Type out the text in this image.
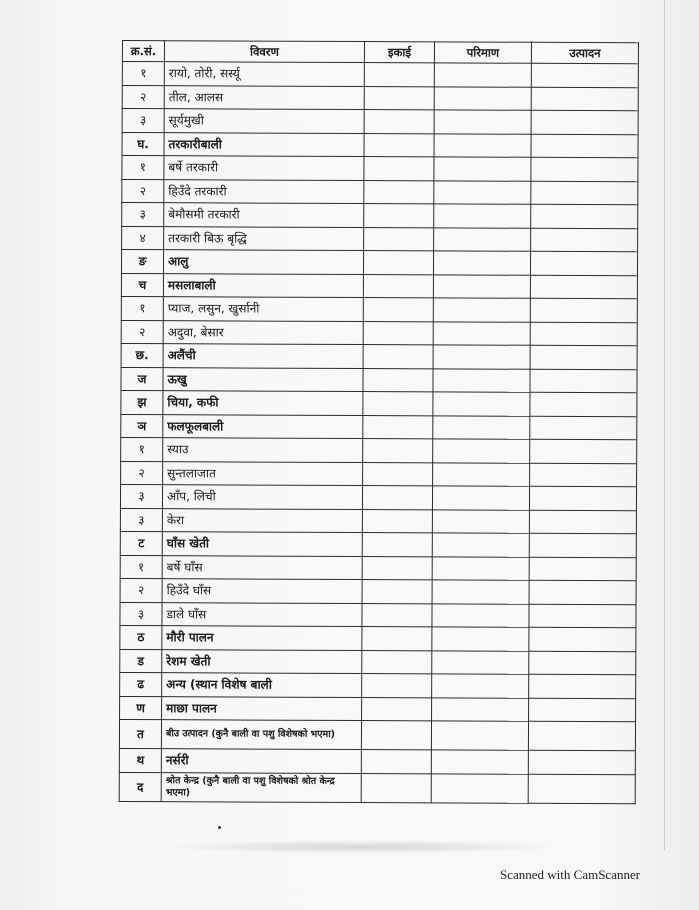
क्र.सं.	विवरण	इकाई	परिमाण	उत्पादन
१	रायो, तोरी, सर्स्यू			
२	तील, आलस			
३	सूर्यमुखी			
घ.	तरकारीबाली			
१	बर्षे तरकारी			
२	हिउँदे तरकारी			
३	बेमौसमी तरकारी			
४	तरकारी बिऊ बृद्धि			
ङ	आलु			
च	मसलाबाली			
१	प्याज, लसुन, खुर्सानी			
२	अदुवा, बेसार			
छ.	अलैंची			
ज	ऊखु			
झ	चिया, कफी			
ञ	फलफूलबाली			
१	स्याउ			
२	सुन्तलाजात			
३	आँप, लिची			
३	केरा			
ट	घाँस खेती			
१	बर्षे घाँस			
२	हिउँदे घाँस			
३	डाले घाँस			
ठ	मौरी पालन			
ड	रेशम खेती			
ढ	अन्य (स्थान विशेष बाली			
ण	माछा पालन			
त	बीउ उत्पादन (कुनै बाली वा पशु विशेषको भएमा)			
थ	नर्सरी			
द	श्रोत केन्द्र (कुनै बाली वा पशु विशेषको श्रोत केन्द्र भएमा)			
Scanned with CamScanner
